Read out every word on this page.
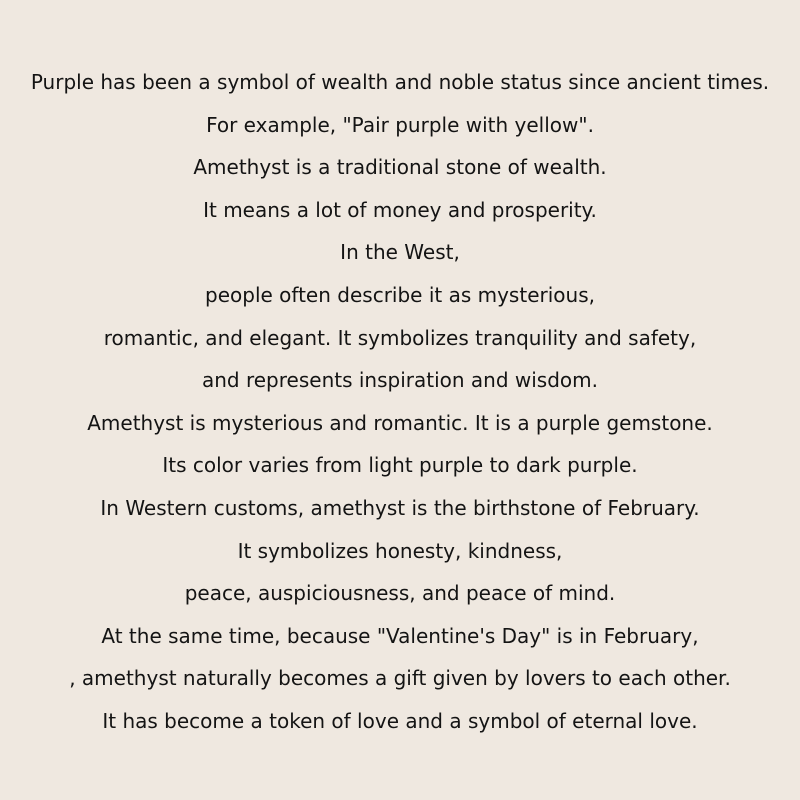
Purple has been a symbol of wealth and noble status since ancient times.
For example, "Pair purple with yellow".
Amethyst is a traditional stone of wealth.
It means a lot of money and prosperity.
In the West,
people often describe it as mysterious,
romantic, and elegant. It symbolizes tranquility and safety,
and represents inspiration and wisdom.
Amethyst is mysterious and romantic. It is a purple gemstone.
Its color varies from light purple to dark purple.
In Western customs, amethyst is the birthstone of February.
It symbolizes honesty, kindness,
peace, auspiciousness, and peace of mind.
At the same time, because "Valentine's Day" is in February,
, amethyst naturally becomes a gift given by lovers to each other.
It has become a token of love and a symbol of eternal love.
